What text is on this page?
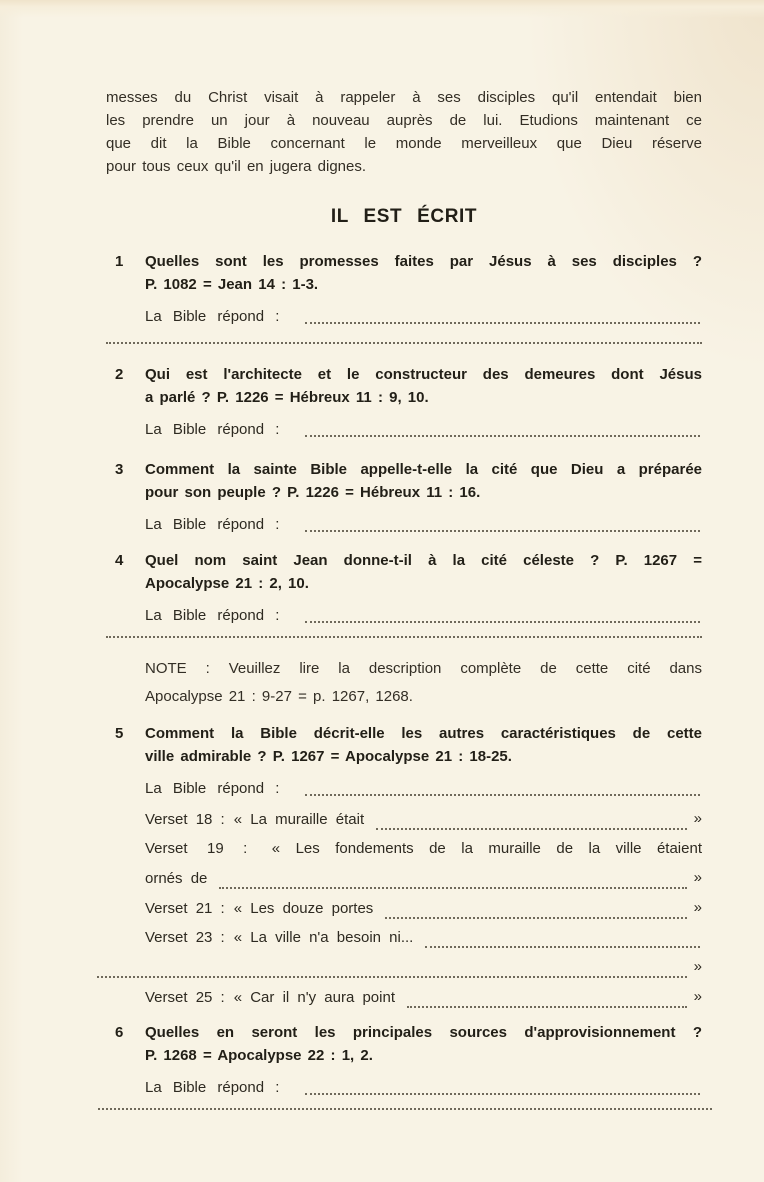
messes du Christ visait à rappeler à ses disciples qu'il entendait bien
les prendre un jour à nouveau auprès de lui. Etudions maintenant ce
que dit la Bible concernant le monde merveilleux que Dieu réserve
pour tous ceux qu'il en jugera dignes.
IL EST ÉCRIT
1 Quelles sont les promesses faites par Jésus à ses disciples ?
P. 1082 = Jean 14 : 1-3.
La Bible répond :
2 Qui est l'architecte et le constructeur des demeures dont Jésus
a parlé ? P. 1226 = Hébreux 11 : 9, 10.
La Bible répond :
3 Comment la sainte Bible appelle-t-elle la cité que Dieu a préparée
pour son peuple ? P. 1226 = Hébreux 11 : 16.
La Bible répond :
4 Quel nom saint Jean donne-t-il à la cité céleste ? P. 1267 =
Apocalypse 21 : 2, 10.
La Bible répond :
NOTE : Veuillez lire la description complète de cette cité dans
Apocalypse 21 : 9-27 = p. 1267, 1268.
5 Comment la Bible décrit-elle les autres caractéristiques de cette
ville admirable ? P. 1267 = Apocalypse 21 : 18-25.
La Bible répond :
Verset 18 : « La muraille était	»
Verset 19 : « Les fondements de la muraille de la ville étaient
ornés de	»
Verset 21 : « Les douze portes	»
Verset 23 : « La ville n'a besoin ni...
»
Verset 25 : « Car il n'y aura point	»
6 Quelles en seront les principales sources d'approvisionnement ?
P. 1268 = Apocalypse 22 : 1, 2.
La Bible répond :
